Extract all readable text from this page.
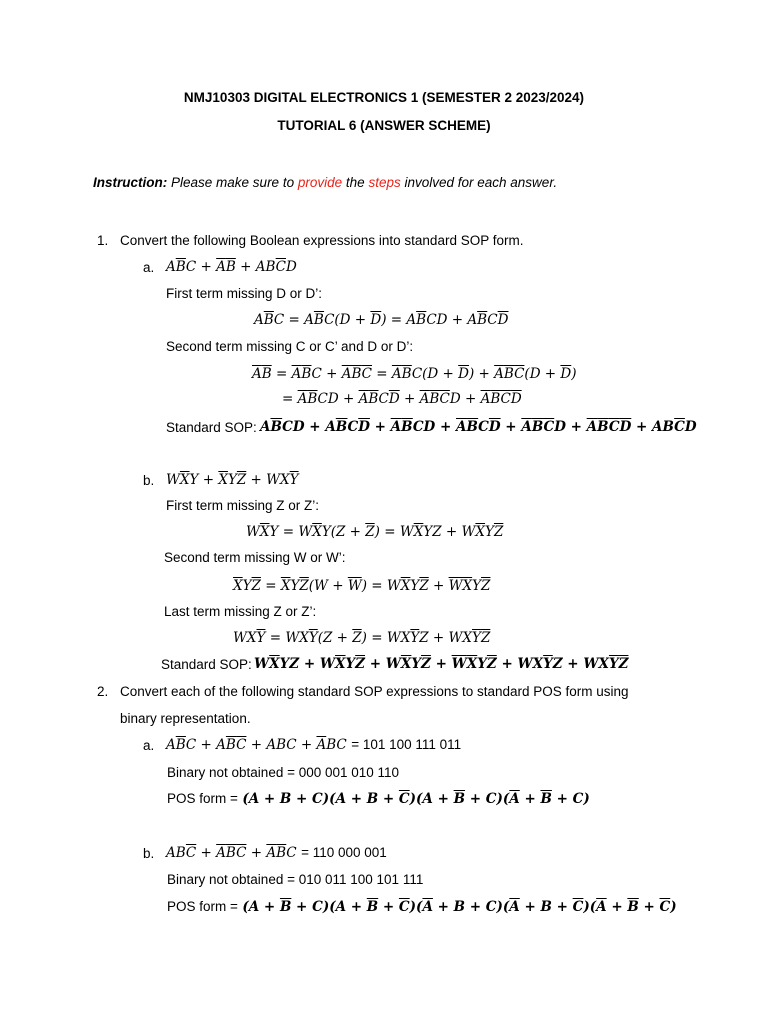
NMJ10303 DIGITAL ELECTRONICS 1 (SEMESTER 2 2023/2024)
TUTORIAL 6 (ANSWER SCHEME)
Instruction: Please make sure to provide the steps involved for each answer.
1. Convert the following Boolean expressions into standard SOP form.
a. $A\overline{B}C + \overline{A}\overline{B} + AB\overline{C}D$
First term missing D or D’:
$A\overline{B}C = A\overline{B}C(D + \overline{D}) = A\overline{B}CD + A\overline{B}C\overline{D}$
Second term missing C or C’ and D or D’:
$\overline{A}\overline{B} = \overline{A}\overline{B}C + \overline{A}\overline{B}\overline{C} = \overline{A}\overline{B}C(D + \overline{D}) + \overline{A}\overline{B}\overline{C}(D + \overline{D})$
= $\overline{A}\overline{B}CD + \overline{A}\overline{B}C\overline{D} + \overline{A}\overline{B}\overline{C}D + \overline{A}\overline{B}\overline{C}\overline{D}$
Standard SOP: $A\overline{B}CD + A\overline{B}C\overline{D} + \overline{A}\overline{B}CD + \overline{A}\overline{B}C\overline{D} + \overline{A}\overline{B}\overline{C}D + \overline{A}\overline{B}\overline{C}\overline{D} + AB\overline{C}D$
b. $W\overline{X}Y + \overline{X}Y\overline{Z} + WX\overline{Y}$
First term missing Z or Z’:
$W\overline{X}Y = W\overline{X}Y(Z + \overline{Z}) = W\overline{X}YZ + W\overline{X}Y\overline{Z}$
Second term missing W or W’:
$\overline{X}Y\overline{Z} = \overline{X}Y\overline{Z}(W + \overline{W}) = W\overline{X}Y\overline{Z} + \overline{W}\overline{X}Y\overline{Z}$
Last term missing Z or Z’:
$WX\overline{Y} = WX\overline{Y}(Z + \overline{Z}) = WX\overline{Y}Z + WX\overline{Y}\overline{Z}$
Standard SOP: $W\overline{X}YZ + W\overline{X}Y\overline{Z} + W\overline{X}Y\overline{Z} + \overline{W}\overline{X}Y\overline{Z} + WX\overline{Y}Z + WX\overline{Y}\overline{Z}$
2. Convert each of the following standard SOP expressions to standard POS form using
binary representation.
a. $A\overline{B}C + A\overline{B}\overline{C}$ + ABC + $\overline{A}BC = 101$ 100 111 011
Binary not obtained = 000 001 010 110
POS form = $(A + B + C)(A + B + \overline{C})(A + \overline{B} + C)(\overline{A} + \overline{B} + C)$
b. $AB\overline{C} + \overline{A}\overline{B}\overline{C} + \overline{A}\overline{B}C = 110$ 000 001
Binary not obtained = 010 011 100 101 111
POS form = $(A + \overline{B} + C)(A + \overline{B} + \overline{C})(\overline{A} + B + C)(\overline{A} + B + \overline{C})(\overline{A} + \overline{B} + \overline{C})$
